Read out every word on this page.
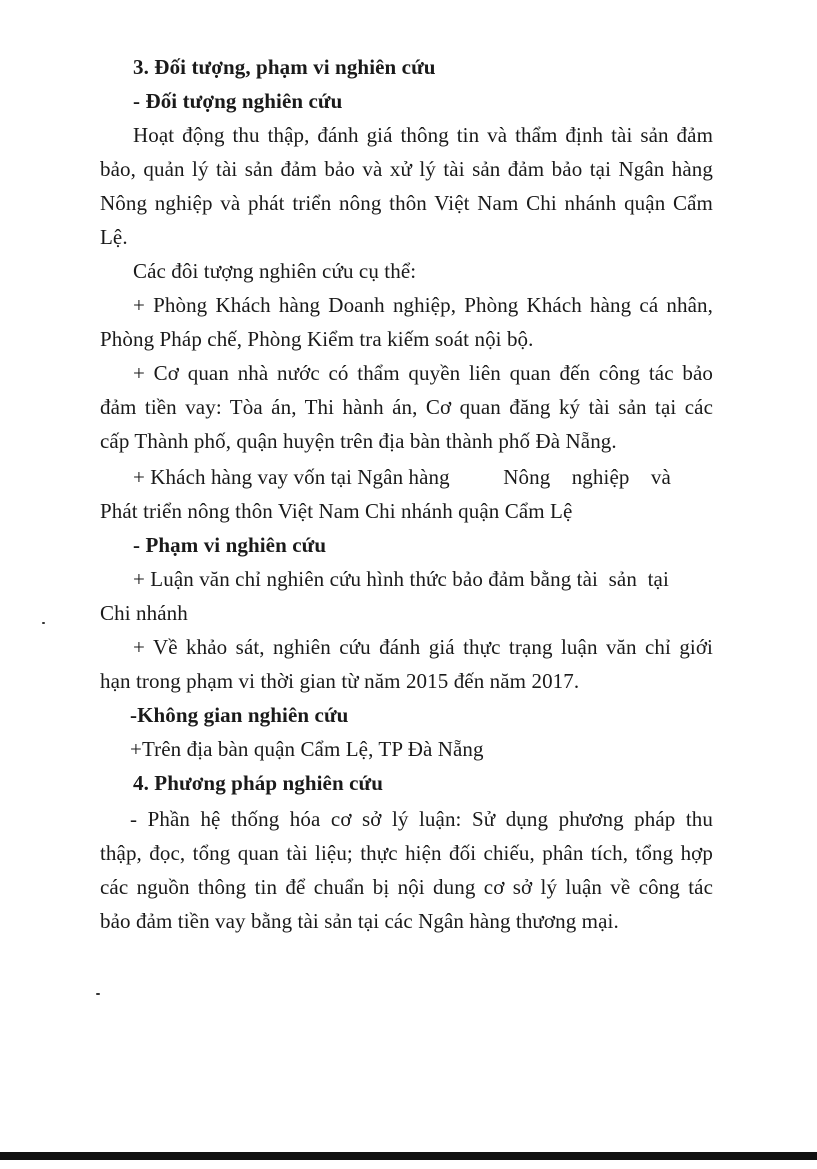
3. Đối tượng, phạm vi nghiên cứu
- Đối tượng nghiên cứu
Hoạt động thu thập, đánh giá thông tin và thẩm định tài sản đảm
bảo, quản lý tài sản đảm bảo và xử lý tài sản đảm bảo tại Ngân hàng
Nông nghiệp và phát triển nông thôn Việt Nam Chi nhánh quận Cẩm
Lệ.
Các đôi tượng nghiên cứu cụ thể:
+ Phòng Khách hàng Doanh nghiệp, Phòng Khách hàng cá nhân,
Phòng Pháp chế, Phòng Kiểm tra kiếm soát nội bộ.
+ Cơ quan nhà nước có thẩm quyền liên quan đến công tác bảo
đảm tiền vay: Tòa án, Thi hành án, Cơ quan đăng ký tài sản tại các
cấp Thành phố, quận huyện trên địa bàn thành phố Đà Nẵng.
+ Khách hàng vay vốn tại Ngân hàng          Nông    nghiệp    và
Phát triển nông thôn Việt Nam Chi nhánh quận Cẩm Lệ
- Phạm vi nghiên cứu
+ Luận văn chỉ nghiên cứu hình thức bảo đảm bằng tài  sản  tại
Chi nhánh
+ Về khảo sát, nghiên cứu đánh giá thực trạng luận văn chỉ giới
hạn trong phạm vi thời gian từ năm 2015 đến năm 2017.
-Không gian nghiên cứu
+Trên địa bàn quận Cẩm Lệ, TP Đà Nẵng
4. Phương pháp nghiên cứu
- Phần hệ thống hóa cơ sở lý luận: Sử dụng phương pháp thu
thập, đọc, tổng quan tài liệu; thực hiện đối chiếu, phân tích, tổng hợp
các nguồn thông tin để chuẩn bị nội dung cơ sở lý luận về công tác
bảo đảm tiền vay bằng tài sản tại các Ngân hàng thương mại.
